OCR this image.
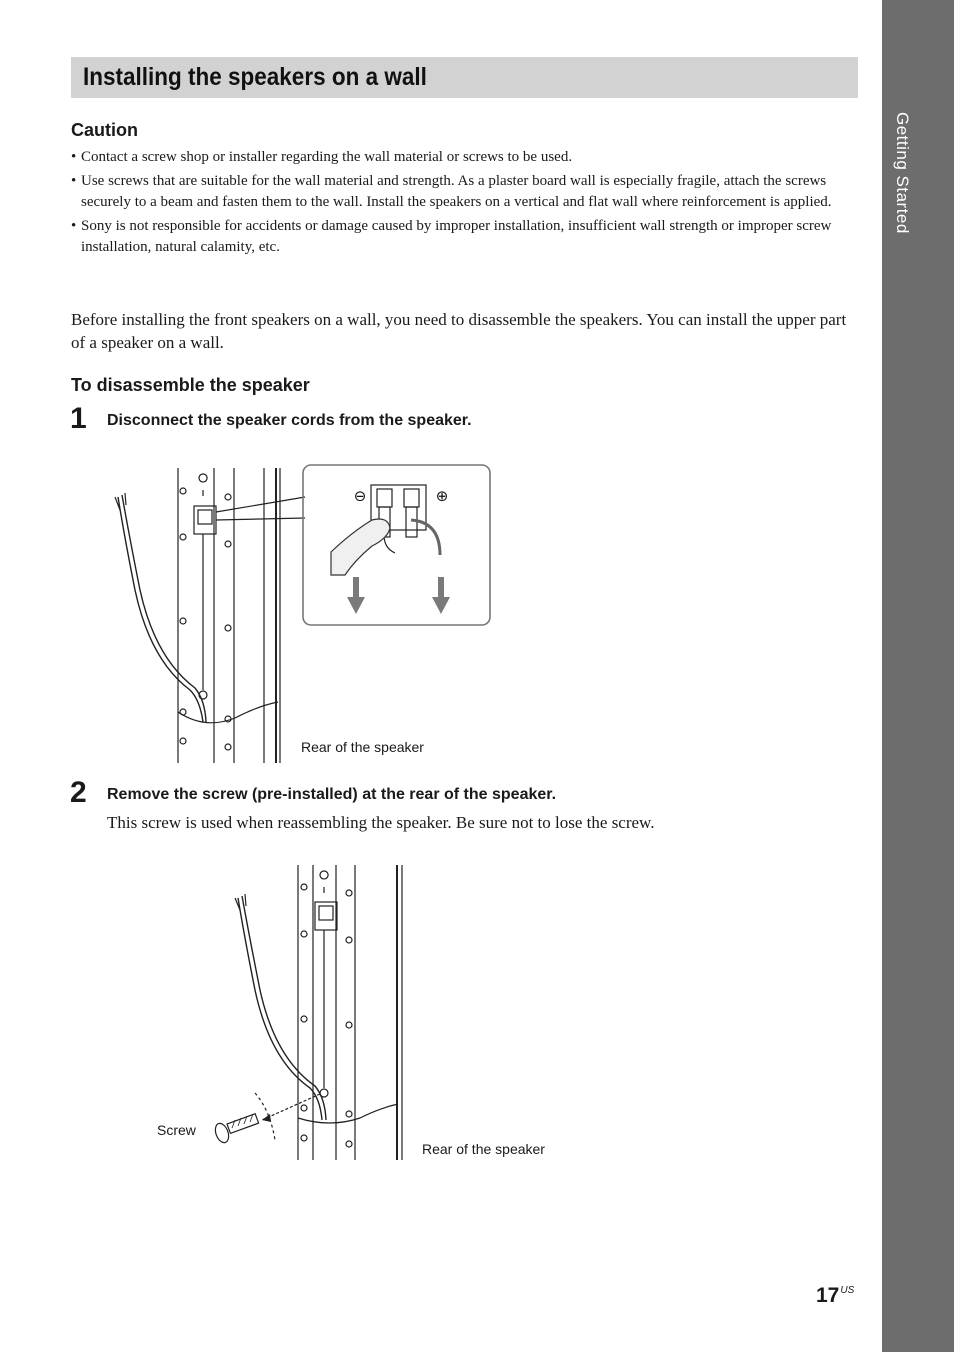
Getting Started
Installing the speakers on a wall
Caution
• Contact a screw shop or installer regarding the wall material or screws to be used.
• Use screws that are suitable for the wall material and strength. As a plaster board wall is especially fragile, attach the screws securely to a beam and fasten them to the wall. Install the speakers on a vertical and flat wall where reinforcement is applied.
• Sony is not responsible for accidents or damage caused by improper installation, insufficient wall strength or improper screw installation, natural calamity, etc.

Before installing the front speakers on a wall, you need to disassemble the speakers. You can install the upper part of a speaker on a wall.

To disassemble the speaker
1 Disconnect the speaker cords from the speaker.
⊖	⊕
Rear of the speaker
2 Remove the screw (pre-installed) at the rear of the speaker.
This screw is used when reassembling the speaker. Be sure not to lose the screw.
Screw
Rear of the speaker
$17^{US}$
